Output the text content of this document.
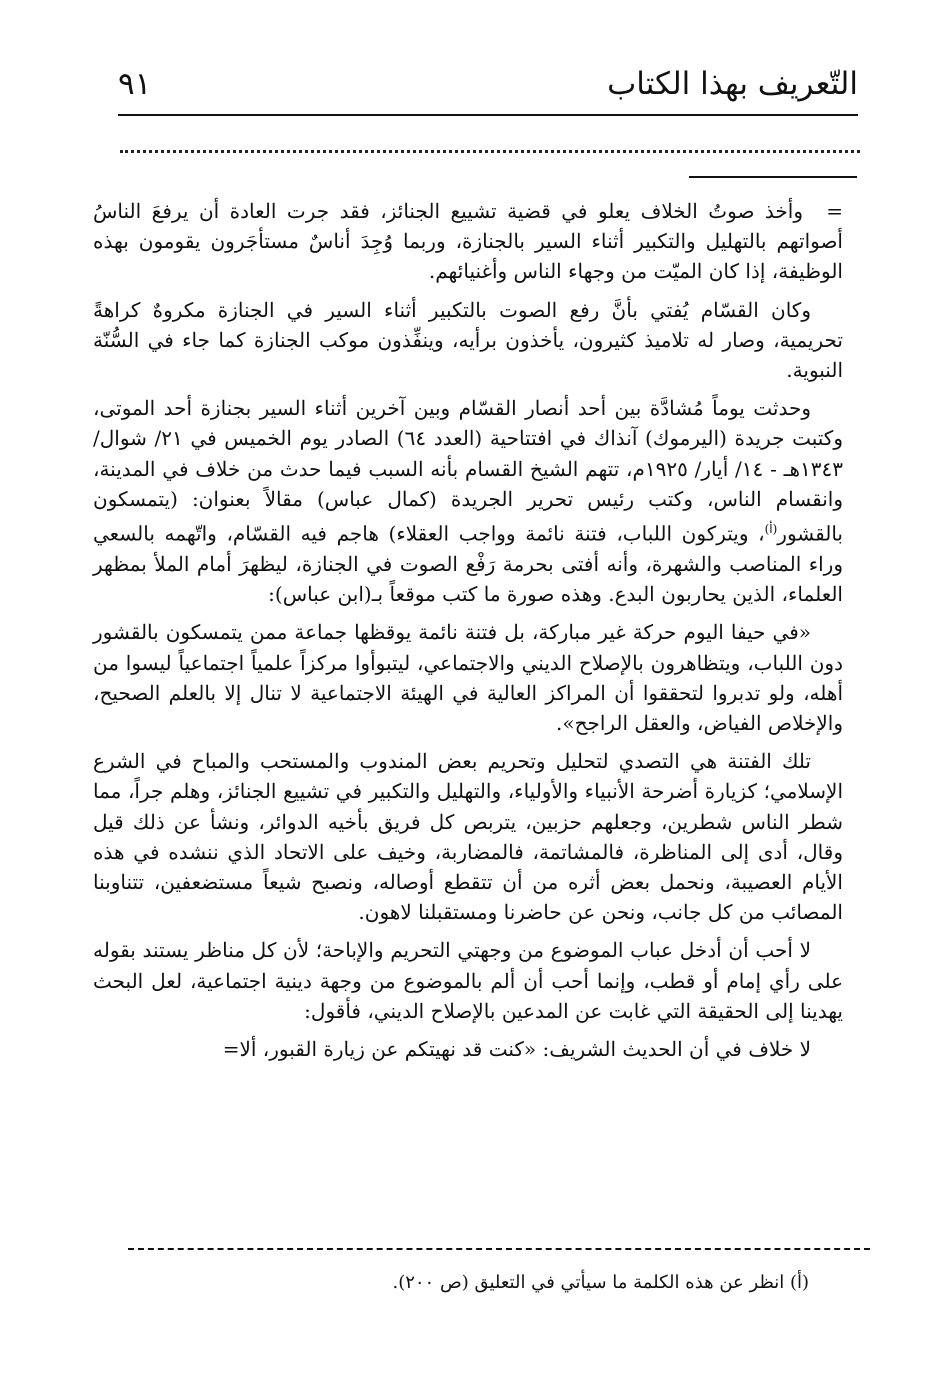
التّعريف بهذا الكتاب
٩١

=وأخذ صوتُ الخلاف يعلو في قضية تشييع الجنائز، فقد جرت العادة أن يرفعَ الناسُ أصواتهم بالتهليل والتكبير أثناء السير بالجنازة، وربما وُجِدَ أناسٌ مستأجَرون يقومون بهذه الوظيفة، إذا كان الميّت من وجهاء الناس وأغنيائهم.

وكان القسّام يُفتي بأنَّ رفع الصوت بالتكبير أثناء السير في الجنازة مكروهٌ كراهةً تحريمية، وصار له تلاميذ كثيرون، يأخذون برأيه، وينفِّذون موكب الجنازة كما جاء في السُّنّة النبوية.

وحدثت يوماً مُشادَّة بين أحد أنصار القسّام وبين آخرين أثناء السير بجنازة أحد الموتى، وكتبت جريدة (اليرموك) آنذاك في افتتاحية (العدد ٦٤) الصادر يوم الخميس في ٢١/ شوال/ ١٣٤٣هـ - ١٤/ أيار/ ١٩٢٥م، تتهم الشيخ القسام بأنه السبب فيما حدث من خلاف في المدينة، وانقسام الناس، وكتب رئيس تحرير الجريدة (كمال عباس) مقالاً بعنوان: (يتمسكون بالقشور$^{(أ)}$، ويتركون اللباب، فتنة نائمة وواجب العقلاء) هاجم فيه القسّام، واتّهمه بالسعي وراء المناصب والشهرة، وأنه أفتى بحرمة رَفْع الصوت في الجنازة، ليظهرَ أمام الملأ بمظهر العلماء، الذين يحاربون البدع. وهذه صورة ما كتب موقعاً بـ(ابن عباس):

«في حيفا اليوم حركة غير مباركة، بل فتنة نائمة يوقظها جماعة ممن يتمسكون بالقشور دون اللباب، ويتظاهرون بالإصلاح الديني والاجتماعي، ليتبوأوا مركزاً علمياً اجتماعياً ليسوا من أهله، ولو تدبروا لتحققوا أن المراكز العالية في الهيئة الاجتماعية لا تنال إلا بالعلم الصحيح، والإخلاص الفياض، والعقل الراجح».

تلك الفتنة هي التصدي لتحليل وتحريم بعض المندوب والمستحب والمباح في الشرع الإسلامي؛ كزيارة أضرحة الأنبياء والأولياء، والتهليل والتكبير في تشييع الجنائز، وهلم جراً، مما شطر الناس شطرين، وجعلهم حزبين، يتربص كل فريق بأخيه الدوائر، ونشأ عن ذلك قيل وقال، أدى إلى المناظرة، فالمشاتمة، فالمضاربة، وخيف على الاتحاد الذي ننشده في هذه الأيام العصيبة، ونحمل بعض أثره من أن تتقطع أوصاله، ونصبح شيعاً مستضعفين، تتناوبنا المصائب من كل جانب، ونحن عن حاضرنا ومستقبلنا لاهون.

لا أحب أن أدخل عباب الموضوع من وجهتي التحريم والإباحة؛ لأن كل مناظر يستند بقوله على رأي إمام أو قطب، وإنما أحب أن ألم بالموضوع من وجهة دينية اجتماعية، لعل البحث يهدينا إلى الحقيقة التي غابت عن المدعين بالإصلاح الديني، فأقول:

لا خلاف في أن الحديث الشريف: «كنت قد نهيتكم عن زيارة القبور، ألا=

(أ) انظر عن هذه الكلمة ما سيأتي في التعليق (ص ٢٠٠).
